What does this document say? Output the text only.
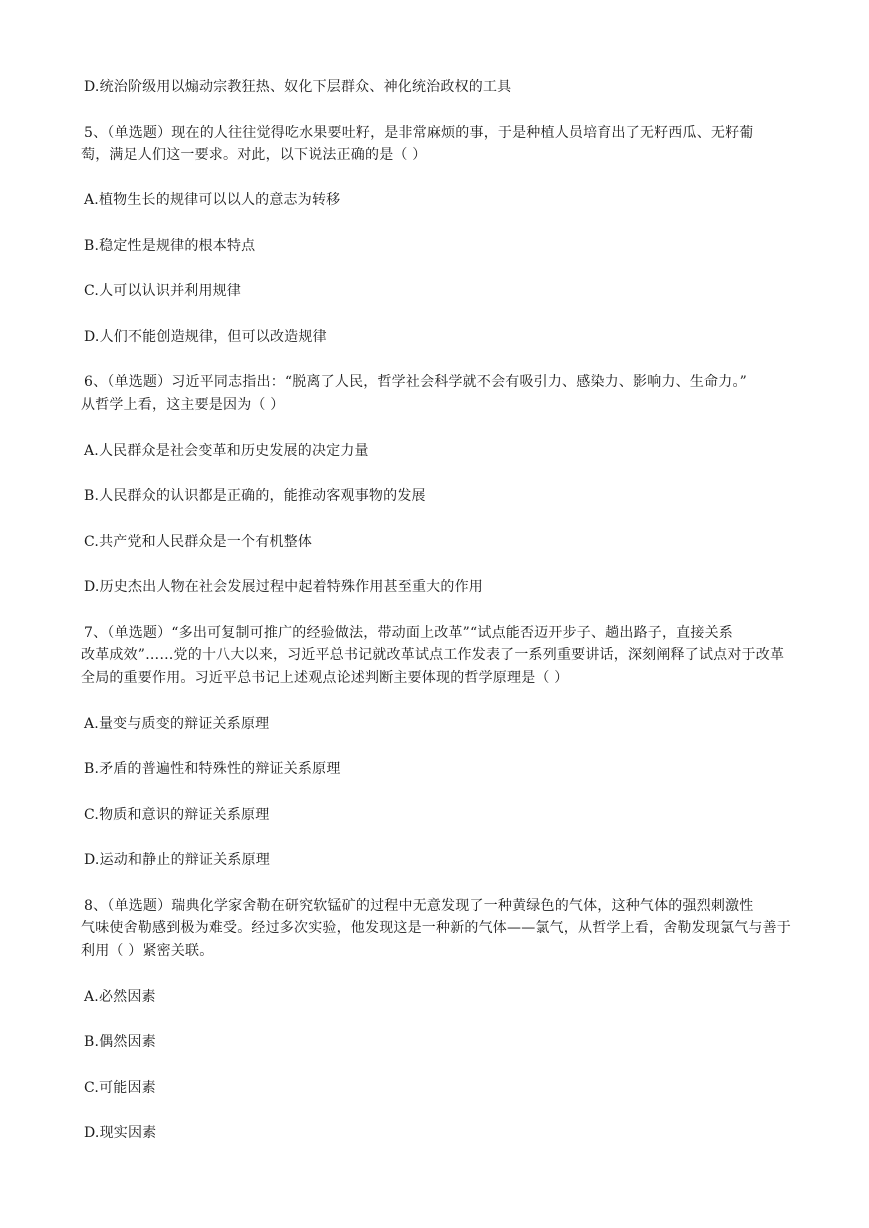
D.统治阶级用以煽动宗教狂热、奴化下层群众、神化统治政权的工具
5、（单选题）现在的人往往觉得吃水果要吐籽，是非常麻烦的事，于是种植人员培育出了无籽西瓜、无籽葡
萄，满足人们这一要求。对此，以下说法正确的是（ ）
A.植物生长的规律可以以人的意志为转移
B.稳定性是规律的根本特点
C.人可以认识并利用规律
D.人们不能创造规律，但可以改造规律
6、（单选题）习近平同志指出：“脱离了人民，哲学社会科学就不会有吸引力、感染力、影响力、生命力。”
从哲学上看，这主要是因为（ ）
A.人民群众是社会变革和历史发展的决定力量
B.人民群众的认识都是正确的，能推动客观事物的发展
C.共产党和人民群众是一个有机整体
D.历史杰出人物在社会发展过程中起着特殊作用甚至重大的作用
7、（单选题）“多出可复制可推广的经验做法，带动面上改革”“试点能否迈开步子、趟出路子，直接关系
改革成效”……党的十八大以来，习近平总书记就改革试点工作发表了一系列重要讲话，深刻阐释了试点对于改革
全局的重要作用。习近平总书记上述观点论述判断主要体现的哲学原理是（ ）
A.量变与质变的辩证关系原理
B.矛盾的普遍性和特殊性的辩证关系原理
C.物质和意识的辩证关系原理
D.运动和静止的辩证关系原理
8、（单选题）瑞典化学家舍勒在研究软锰矿的过程中无意发现了一种黄绿色的气体，这种气体的强烈刺激性
气味使舍勒感到极为难受。经过多次实验，他发现这是一种新的气体——氯气，从哲学上看，舍勒发现氯气与善于
利用（ ）紧密关联。
A.必然因素
B.偶然因素
C.可能因素
D.现实因素
